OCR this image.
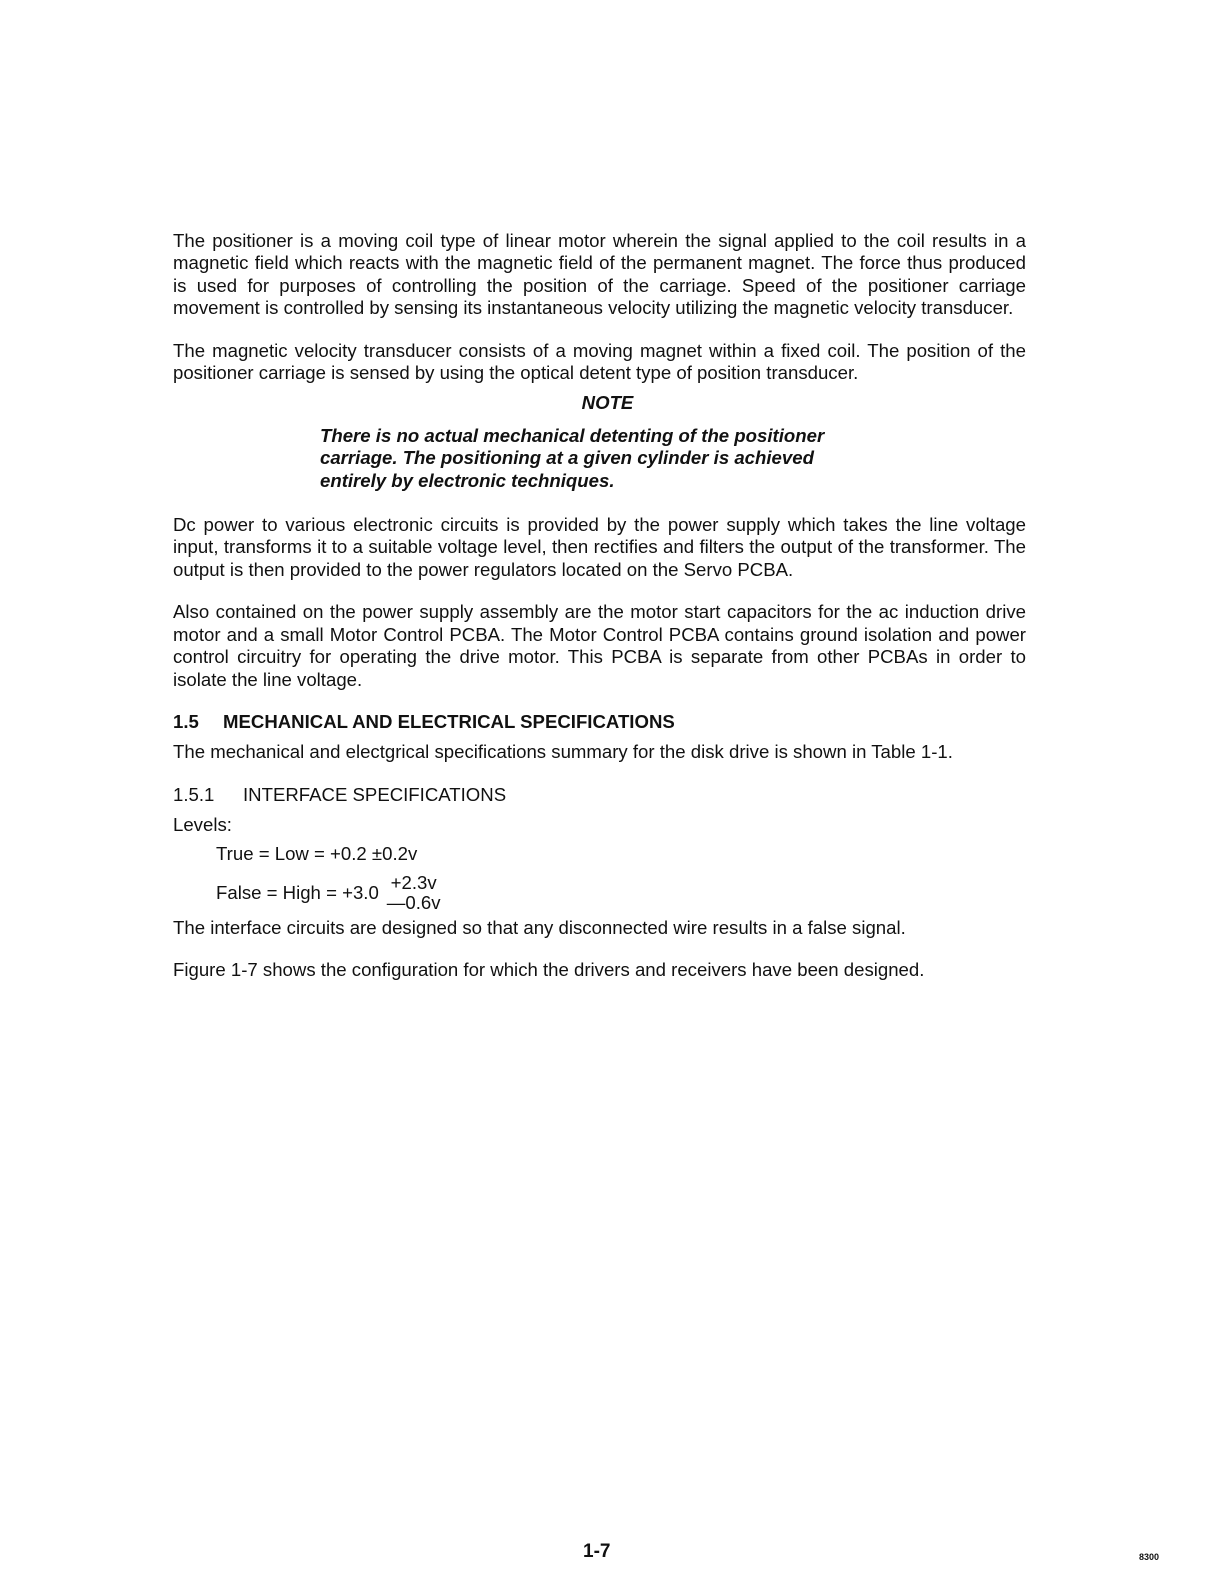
The positioner is a moving coil type of linear motor wherein the signal applied to the coil results in a magnetic field which reacts with the magnetic field of the permanent magnet. The force thus produced is used for purposes of controlling the position of the carriage. Speed of the positioner carriage movement is controlled by sensing its instantaneous velocity utilizing the magnetic velocity transducer.

The magnetic velocity transducer consists of a moving magnet within a fixed coil. The position of the positioner carriage is sensed by using the optical detent type of position transducer.

NOTE
There is no actual mechanical detenting of the positioner
carriage. The positioning at a given cylinder is achieved
entirely by electronic techniques.

Dc power to various electronic circuits is provided by the power supply which takes the line voltage input, transforms it to a suitable voltage level, then rectifies and filters the output of the transformer. The output is then provided to the power regulators located on the Servo PCBA.

Also contained on the power supply assembly are the motor start capacitors for the ac induction drive motor and a small Motor Control PCBA. The Motor Control PCBA contains ground isolation and power control circuitry for operating the drive motor. This PCBA is separate from other PCBAs in order to isolate the line voltage.

1.5	MECHANICAL AND ELECTRICAL SPECIFICATIONS

The mechanical and electgrical specifications summary for the disk drive is shown in Table 1-1.

1.5.1	INTERFACE SPECIFICATIONS
Levels:
True = Low = +0.2 ±0.2v
False = High = +3.0 +2.3v
—0.6v

The interface circuits are designed so that any disconnected wire results in a false signal.

Figure 1-7 shows the configuration for which the drivers and receivers have been designed.

1-7	8300
